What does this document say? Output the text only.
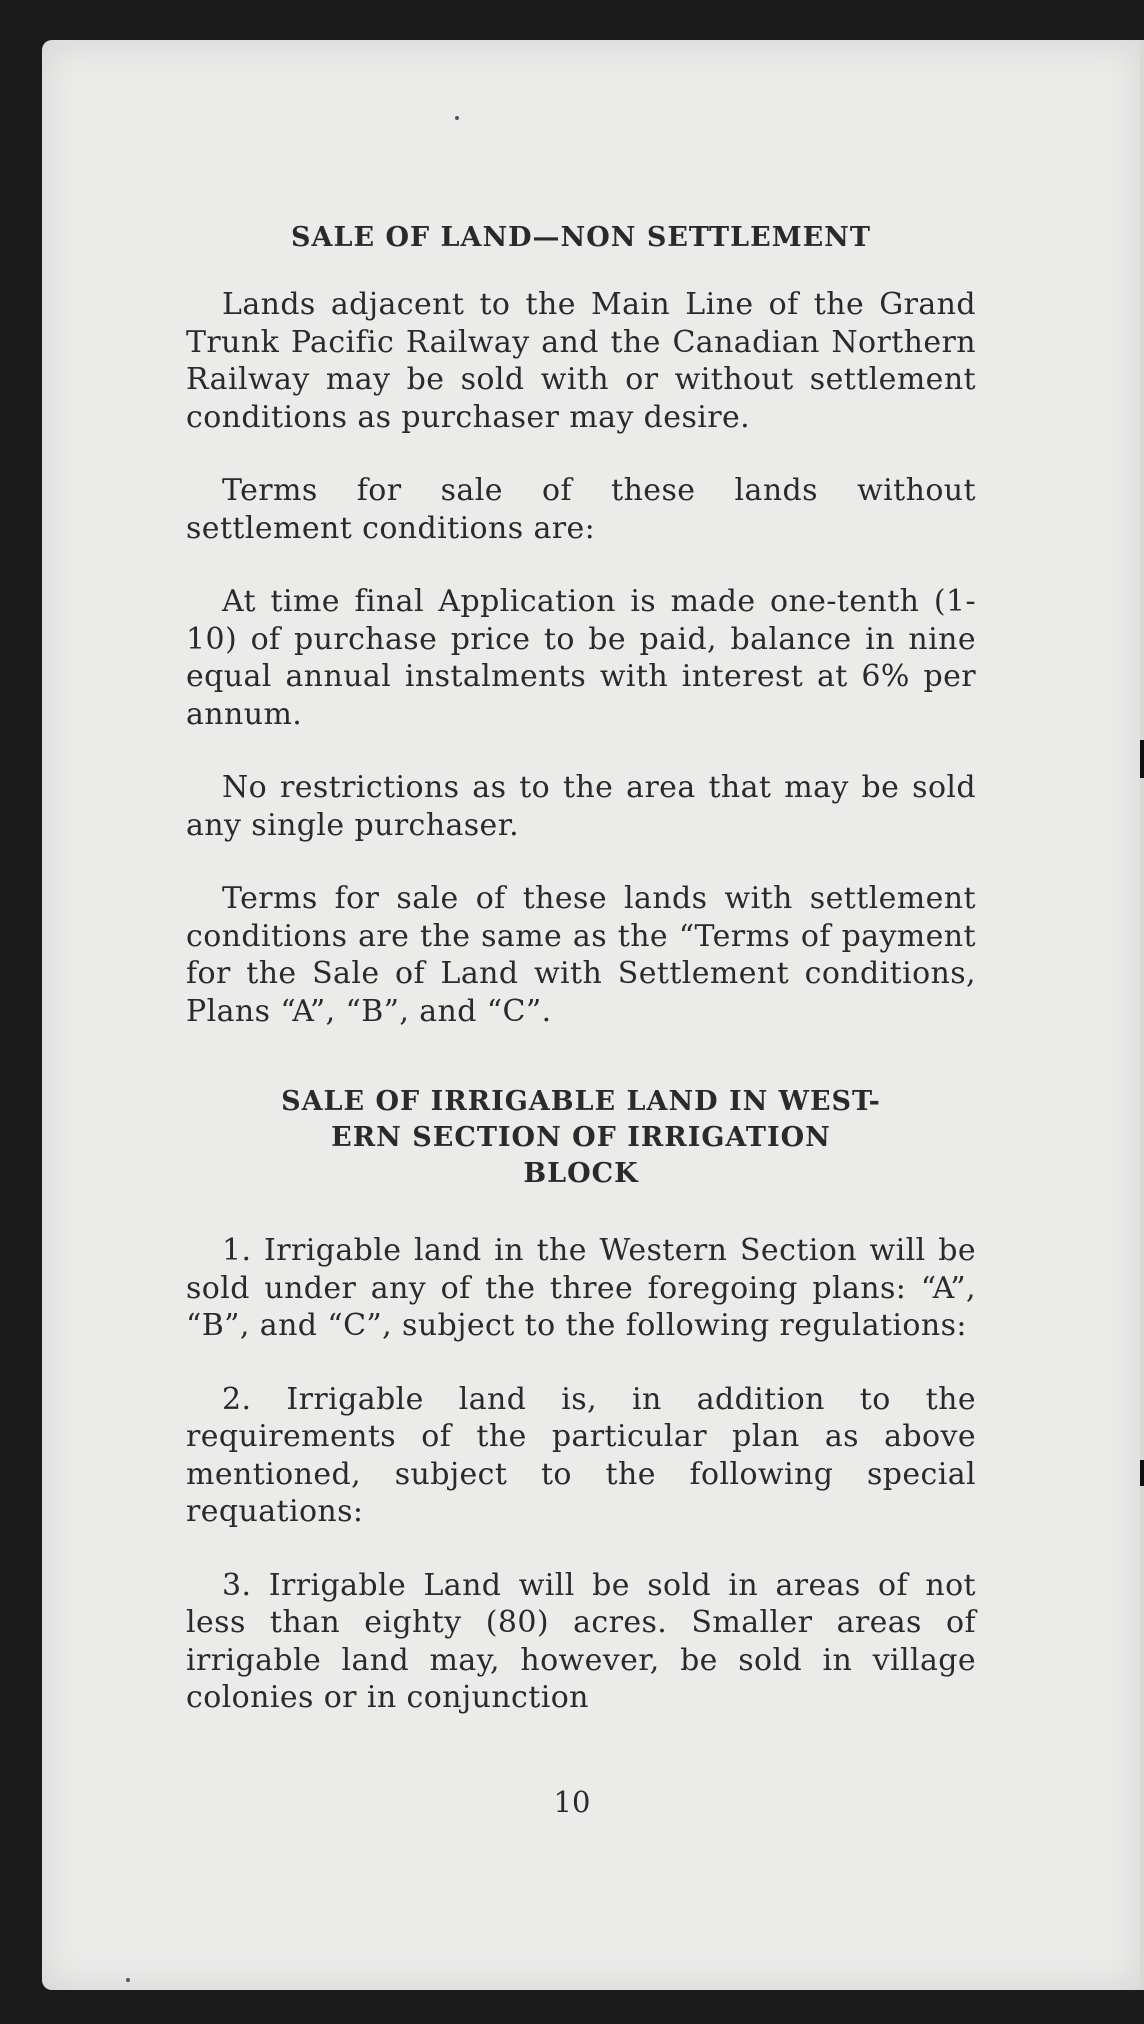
SALE OF LAND—NON SETTLEMENT

Lands adjacent to the Main Line of the Grand Trunk Pacific Railway and the Canadian Northern Railway may be sold with or without settlement conditions as purchaser may desire.

Terms for sale of these lands without settlement conditions are:

At time final Application is made one-tenth (1-10) of purchase price to be paid, balance in nine equal annual instalments with interest at 6% per annum.

No restrictions as to the area that may be sold any single purchaser.

Terms for sale of these lands with settlement conditions are the same as the “Terms of payment for the Sale of Land with Settlement conditions, Plans “A”, “B”, and “C”.

SALE OF IRRIGABLE LAND IN WEST-
ERN SECTION OF IRRIGATION
BLOCK

1. Irrigable land in the Western Section will be sold under any of the three foregoing plans: “A”, “B”, and “C”, subject to the following regulations:

2. Irrigable land is, in addition to the requirements of the particular plan as above mentioned, subject to the following special requations:

3. Irrigable Land will be sold in areas of not less than eighty (80) acres. Smaller areas of irrigable land may, however, be sold in village colonies or in conjunction

10
